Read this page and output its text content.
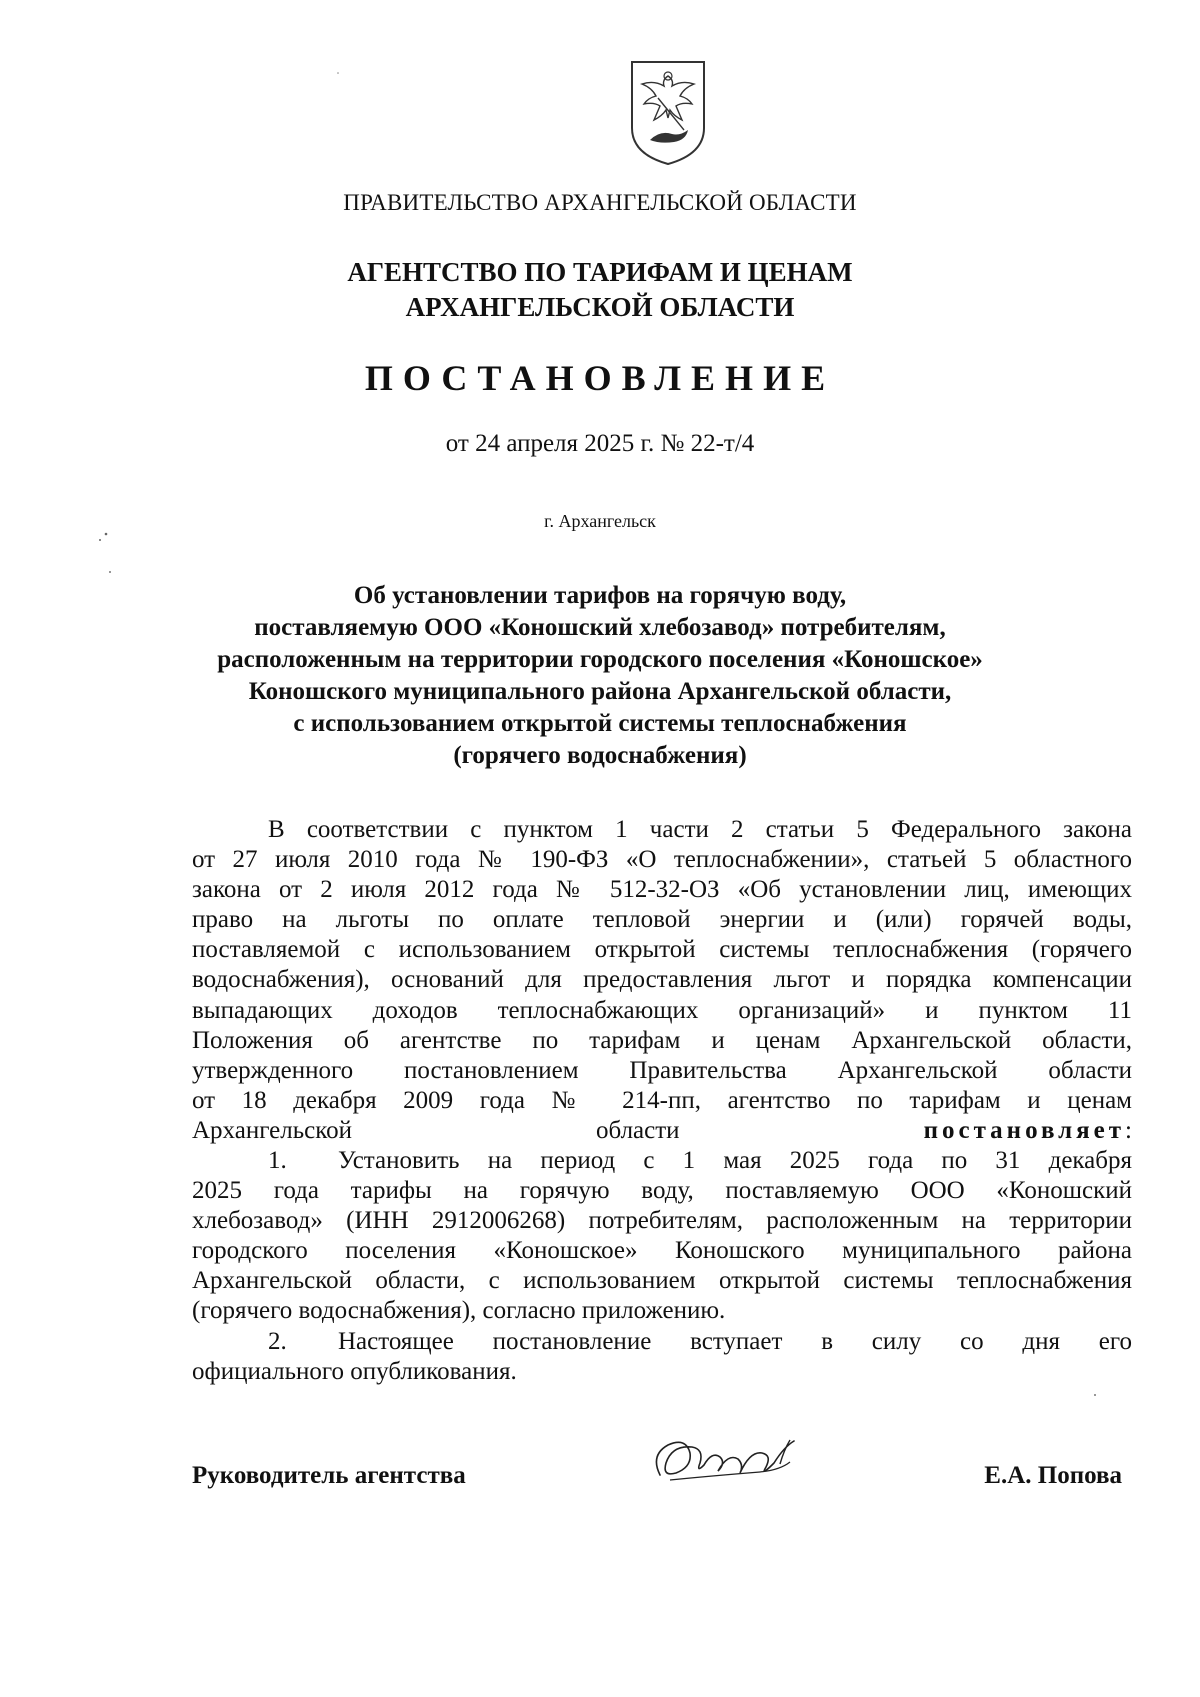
ПРАВИТЕЛЬСТВО АРХАНГЕЛЬСКОЙ ОБЛАСТИ
АГЕНТСТВО ПО ТАРИФАМ И ЦЕНАМ
АРХАНГЕЛЬСКОЙ ОБЛАСТИ
ПОСТАНОВЛЕНИЕ
от 24 апреля 2025 г. № 22-т/4
г. Архангельск
Об установлении тарифов на горячую воду,
поставляемую ООО «Коношский хлебозавод» потребителям,
расположенным на территории городского поселения «Коношское»
Коношского муниципального района Архангельской области,
с использованием открытой системы теплоснабжения
(горячего водоснабжения)
В соответствии с пунктом 1 части 2 статьи 5 Федерального закона
от 27 июля 2010 года № 190-ФЗ «О теплоснабжении», статьей 5 областного
закона от 2 июля 2012 года № 512-32-ОЗ «Об установлении лиц, имеющих
право на льготы по оплате тепловой энергии и (или) горячей воды,
поставляемой с использованием открытой системы теплоснабжения (горячего
водоснабжения), оснований для предоставления льгот и порядка компенсации
выпадающих доходов теплоснабжающих организаций» и пунктом 11
Положения об агентстве по тарифам и ценам Архангельской области,
утвержденного постановлением Правительства Архангельской области
от 18 декабря 2009 года № 214-пп, агентство по тарифам и ценам
Архангельской области постановляет:
1. Установить на период с 1 мая 2025 года по 31 декабря
2025 года тарифы на горячую воду, поставляемую ООО «Коношский
хлебозавод» (ИНН 2912006268) потребителям, расположенным на территории
городского поселения «Коношское» Коношского муниципального района
Архангельской области, с использованием открытой системы теплоснабжения
(горячего водоснабжения), согласно приложению.
2. Настоящее постановление вступает в силу со дня его
официального опубликования.
Руководитель агентства	Е.А. Попова
